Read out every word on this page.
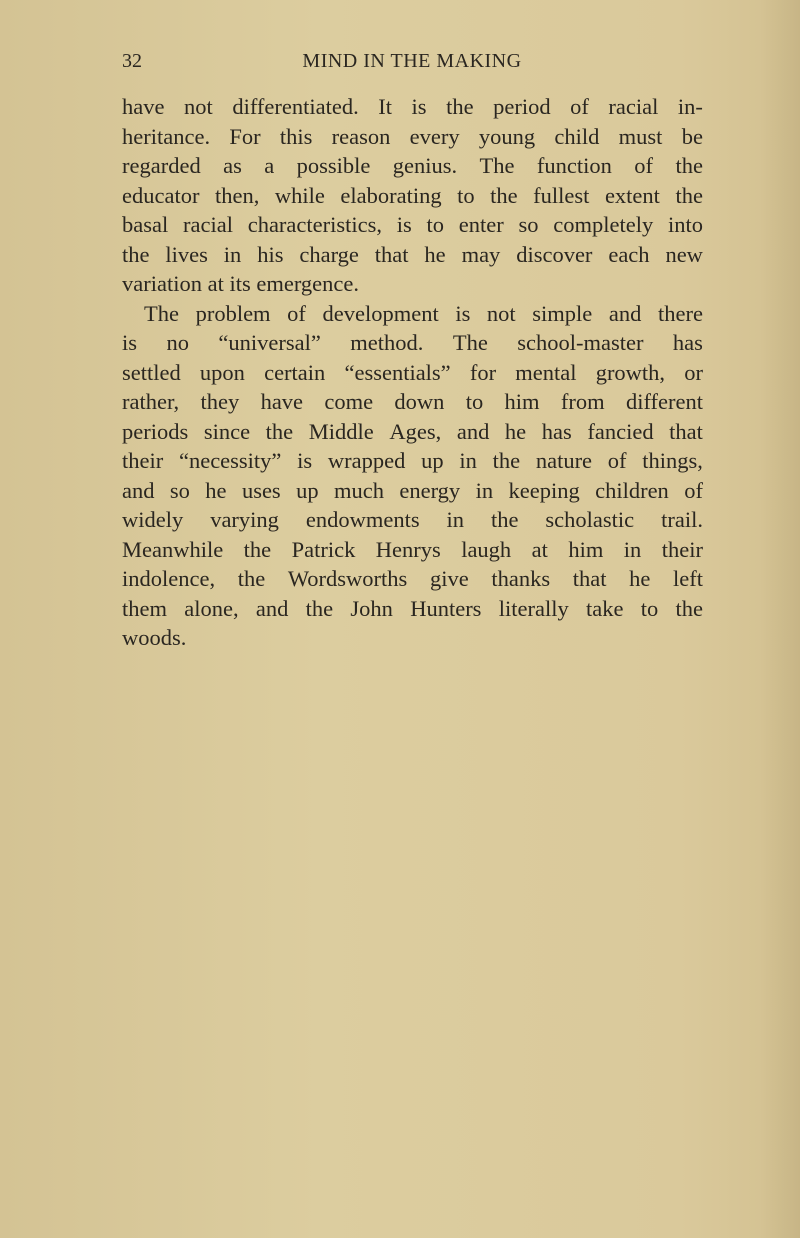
32	MIND IN THE MAKING
have not differentiated. It is the period of racial in-
heritance. For this reason every young child must be
regarded as a possible genius. The function of the
educator then, while elaborating to the fullest extent the
basal racial characteristics, is to enter so completely into
the lives in his charge that he may discover each new
variation at its emergence.
The problem of development is not simple and there
is no “universal” method. The school-master has
settled upon certain “essentials” for mental growth, or
rather, they have come down to him from different
periods since the Middle Ages, and he has fancied that
their “necessity” is wrapped up in the nature of things,
and so he uses up much energy in keeping children of
widely varying endowments in the scholastic trail.
Meanwhile the Patrick Henrys laugh at him in their
indolence, the Wordsworths give thanks that he left
them alone, and the John Hunters literally take to the
woods.
